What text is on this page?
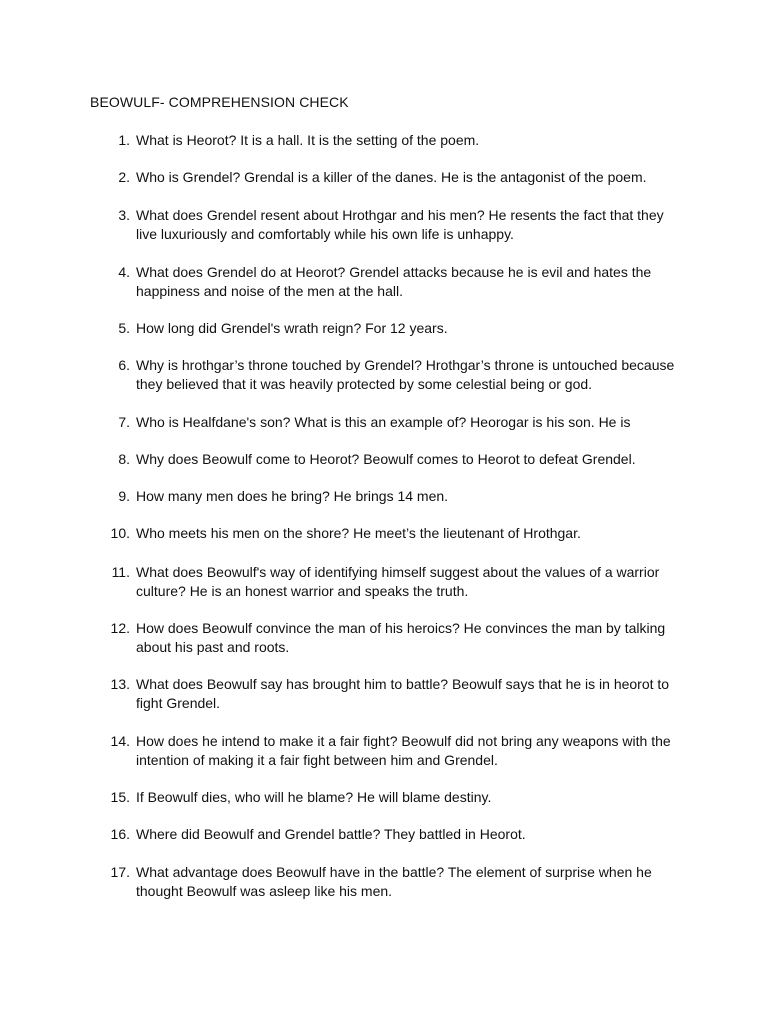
BEOWULF- COMPREHENSION CHECK
1. What is Heorot? It is a hall. It is the setting of the poem.
2. Who is Grendel? Grendal is a killer of the danes. He is the antagonist of the poem.
3. What does Grendel resent about Hrothgar and his men? He resents the fact that they live luxuriously and comfortably while his own life is unhappy.
4. What does Grendel do at Heorot? Grendel attacks because he is evil and hates the happiness and noise of the men at the hall.
5. How long did Grendel's wrath reign? For 12 years.
6. Why is hrothgar’s throne touched by Grendel? Hrothgar’s throne is untouched because they believed that it was heavily protected by some celestial being or god.
7. Who is Healfdane's son? What is this an example of? Heorogar is his son. He is
8. Why does Beowulf come to Heorot? Beowulf comes to Heorot to defeat Grendel.
9. How many men does he bring? He brings 14 men.
10. Who meets his men on the shore? He meet’s the lieutenant of Hrothgar.
11. What does Beowulf's way of identifying himself suggest about the values of a warrior culture? He is an honest warrior and speaks the truth.
12. How does Beowulf convince the man of his heroics? He convinces the man by talking about his past and roots.
13. What does Beowulf say has brought him to battle? Beowulf says that he is in heorot to fight Grendel.
14. How does he intend to make it a fair fight? Beowulf did not bring any weapons with the intention of making it a fair fight between him and Grendel.
15. If Beowulf dies, who will he blame? He will blame destiny.
16. Where did Beowulf and Grendel battle? They battled in Heorot.
17. What advantage does Beowulf have in the battle? The element of surprise when he thought Beowulf was asleep like his men.
